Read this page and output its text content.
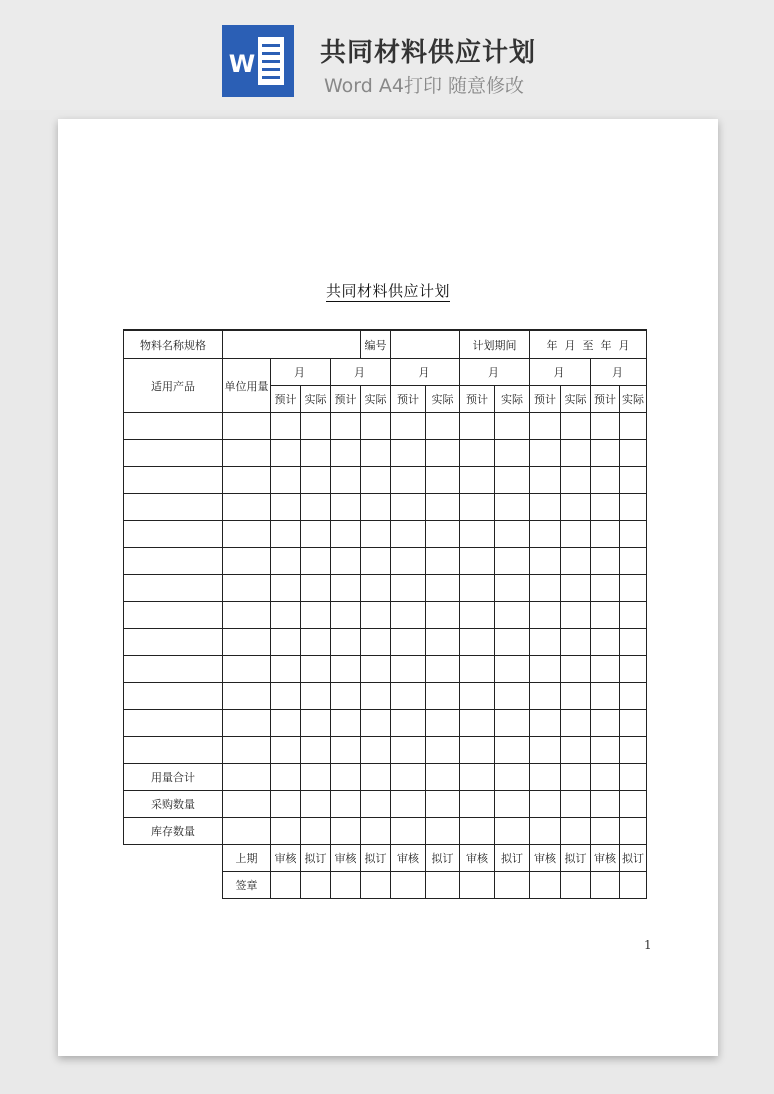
W 共同材料供应计划
Word A4打印 随意修改
共同材料供应计划
物料名称规格					编号			计划期间		年  月  至  年  月			
适用产品	单位用量	月		月		月		月		月		月	
		预计	实际	预计	实际	预计	实际	预计	实际	预计	实际	预计	实际

用量合计													
采购数量													
库存数量													
	上期	审核	拟订	审核	拟订	审核	拟订	审核	拟订	审核	拟订	审核	拟订
	签章												
1
